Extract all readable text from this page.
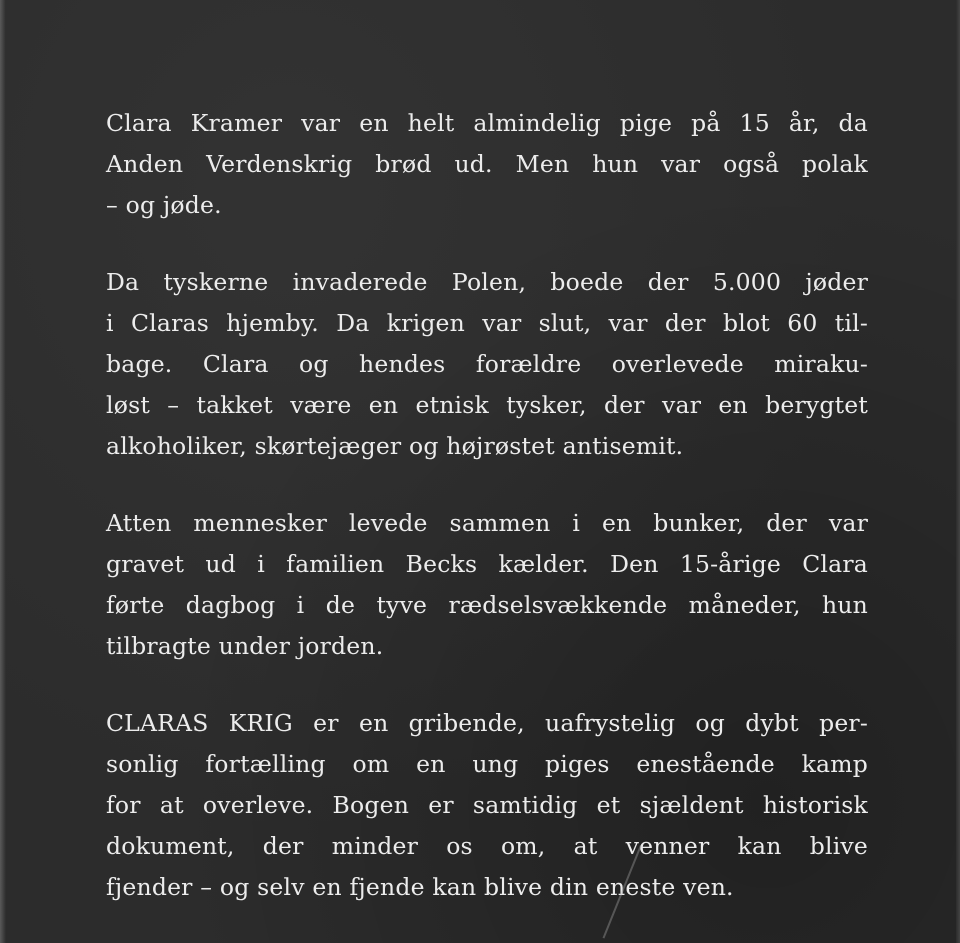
Clara Kramer var en helt almindelig pige på 15 år, da
Anden Verdenskrig brød ud. Men hun var også polak
– og jøde.

Da tyskerne invaderede Polen, boede der 5.000 jøder
i Claras hjemby. Da krigen var slut, var der blot 60 til-
bage. Clara og hendes forældre overlevede miraku-
løst – takket være en etnisk tysker, der var en berygtet
alkoholiker, skørtejæger og højrøstet antisemit.

Atten mennesker levede sammen i en bunker, der var
gravet ud i familien Becks kælder. Den 15-årige Clara
førte dagbog i de tyve rædselsvækkende måneder, hun
tilbragte under jorden.

CLARAS KRIG er en gribende, uafrystelig og dybt per-
sonlig fortælling om en ung piges enestående kamp
for at overleve. Bogen er samtidig et sjældent historisk
dokument, der minder os om, at venner kan blive
fjender – og selv en fjende kan blive din eneste ven.
